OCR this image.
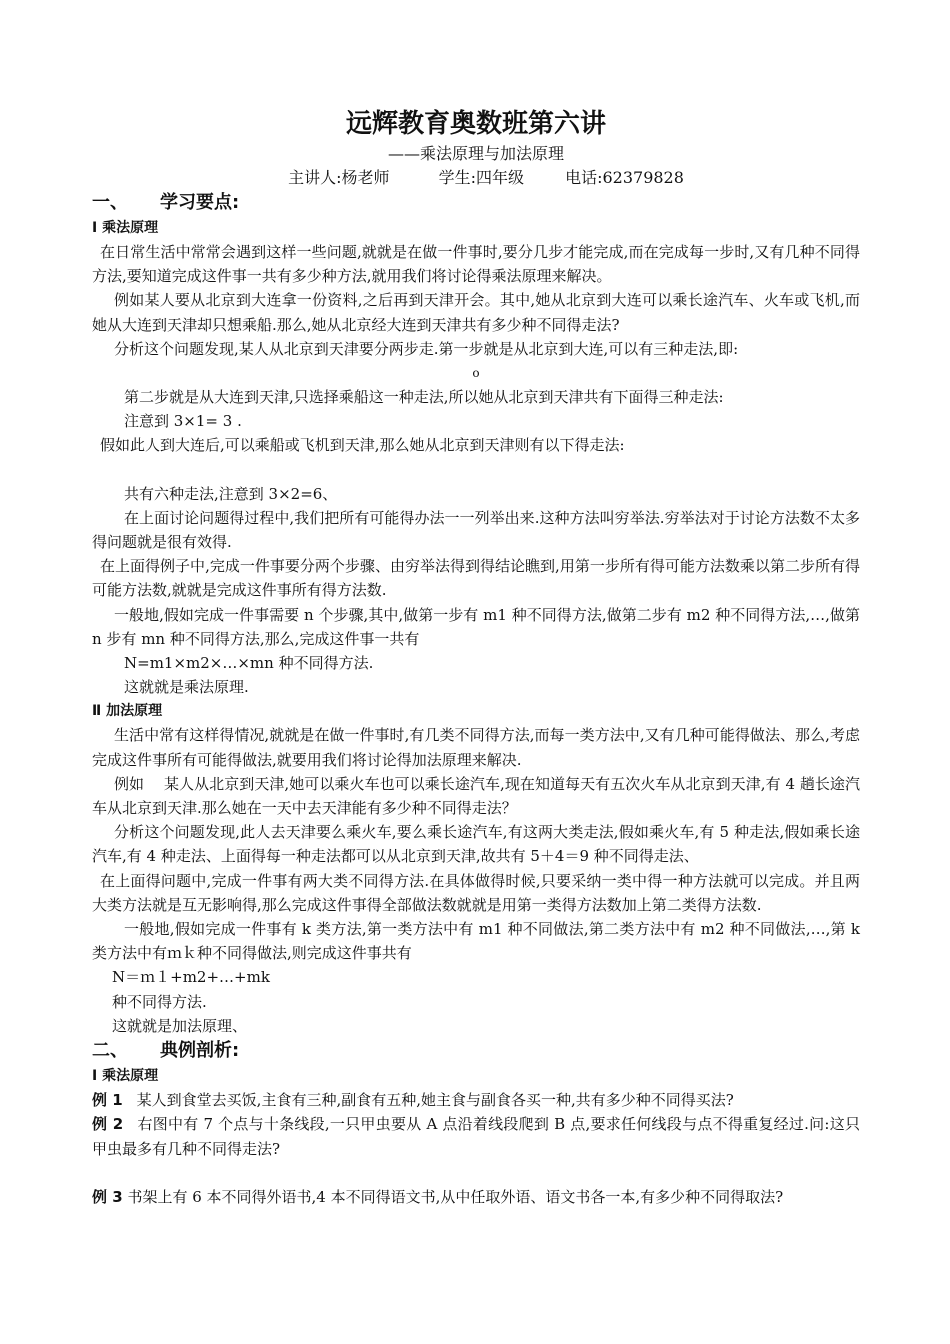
远辉教育奥数班第六讲
——乘法原理与加法原理
主讲人:杨老师	学生:四年级	电话:62379828
一、 学习要点:
Ⅰ 乘法原理

在日常生活中常常会遇到这样一些问题,就就是在做一件事时,要分几步才能完成,而在完成每一步时,又有几种不同得方法,要知道完成这件事一共有多少种方法,就用我们将讨论得乘法原理来解决。

例如某人要从北京到大连拿一份资料,之后再到天津开会。其中,她从北京到大连可以乘长途汽车、火车或飞机,而她从大连到天津却只想乘船.那么,她从北京经大连到天津共有多少种不同得走法?

分析这个问题发现,某人从北京到天津要分两步走.第一步就是从北京到大连,可以有三种走法,即:

ο

第二步就是从大连到天津,只选择乘船这一种走法,所以她从北京到天津共有下面得三种走法:

注意到 3×1= 3 .

假如此人到大连后,可以乘船或飞机到天津,那么她从北京到天津则有以下得走法:

共有六种走法,注意到 3×2=6、

在上面讨论问题得过程中,我们把所有可能得办法一一列举出来.这种方法叫穷举法.穷举法对于讨论方法数不太多得问题就是很有效得.

在上面得例子中,完成一件事要分两个步骤、由穷举法得到得结论瞧到,用第一步所有得可能方法数乘以第二步所有得可能方法数,就就是完成这件事所有得方法数.

一般地,假如完成一件事需要 n 个步骤,其中,做第一步有 m1 种不同得方法,做第二步有 m2 种不同得方法,…,做第 n 步有 mn 种不同得方法,那么,完成这件事一共有

N=m1×m2×…×mn 种不同得方法.

这就就是乘法原理.

Ⅱ 加法原理

生活中常有这样得情况,就就是在做一件事时,有几类不同得方法,而每一类方法中,又有几种可能得做法、那么,考虑完成这件事所有可能得做法,就要用我们将讨论得加法原理来解决.

例如　 某人从北京到天津,她可以乘火车也可以乘长途汽车,现在知道每天有五次火车从北京到天津,有 4 趟长途汽车从北京到天津.那么她在一天中去天津能有多少种不同得走法？

分析这个问题发现,此人去天津要么乘火车,要么乘长途汽车,有这两大类走法,假如乘火车,有 5 种走法,假如乘长途汽车,有 4 种走法、上面得每一种走法都可以从北京到天津,故共有 5＋4＝9 种不同得走法、

在上面得问题中,完成一件事有两大类不同得方法.在具体做得时候,只要采纳一类中得一种方法就可以完成。并且两大类方法就是互无影响得,那么完成这件事得全部做法数就就是用第一类得方法数加上第二类得方法数.

一般地,假如完成一件事有 k 类方法,第一类方法中有 m1 种不同做法,第二类方法中有 m2 种不同做法,…,第 k 类方法中有ｍｋ种不同得做法,则完成这件事共有

N＝ｍ１+m2+…+mk

种不同得方法.

这就就是加法原理、

二、 典例剖析:
Ⅰ 乘法原理

例 1 某人到食堂去买饭,主食有三种,副食有五种,她主食与副食各买一种,共有多少种不同得买法?

例 2 右图中有 7 个点与十条线段,一只甲虫要从 A 点沿着线段爬到 B 点,要求任何线段与点不得重复经过.问:这只甲虫最多有几种不同得走法?

例 3 书架上有 6 本不同得外语书,4 本不同得语文书,从中任取外语、语文书各一本,有多少种不同得取法?
